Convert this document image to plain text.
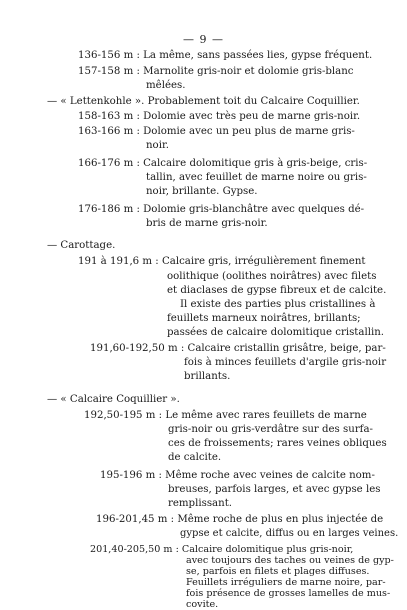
— 9 —
136-156 m : La même, sans passées lies, gypse fréquent.
157-158 m : Marnolite gris-noir et dolomie gris-blanc
mêlées.
— « Lettenkohle ». Probablement toit du Calcaire Coquillier.
158-163 m : Dolomie avec très peu de marne gris-noir.
163-166 m : Dolomie avec un peu plus de marne gris-
noir.
166-176 m : Calcaire dolomitique gris à gris-beige, cris-
tallin, avec feuillet de marne noire ou gris-
noir, brillante. Gypse.
176-186 m : Dolomie gris-blanchâtre avec quelques dé-
bris de marne gris-noir.
— Carottage.
191 à 191,6 m : Calcaire gris, irrégulièrement finement
oolithique (oolithes noirâtres) avec filets
et diaclases de gypse fibreux et de calcite.
Il existe des parties plus cristallines à
feuillets marneux noirâtres, brillants;
passées de calcaire dolomitique cristallin.
191,60-192,50 m : Calcaire cristallin grisâtre, beige, par-
fois à minces feuillets d'argile gris-noir
brillants.
— « Calcaire Coquillier ».
192,50-195 m : Le même avec rares feuillets de marne
gris-noir ou gris-verdâtre sur des surfa-
ces de froissements; rares veines obliques
de calcite.
195-196 m : Même roche avec veines de calcite nom-
breuses, parfois larges, et avec gypse les
remplissant.
196-201,45 m : Même roche de plus en plus injectée de
gypse et calcite, diffus ou en larges veines.
201,40-205,50 m : Calcaire dolomitique plus gris-noir,
avec toujours des taches ou veines de gyp-
se, parfois en filets et plages diffuses.
Feuillets irréguliers de marne noire, par-
fois présence de grosses lamelles de mus-
covite.
